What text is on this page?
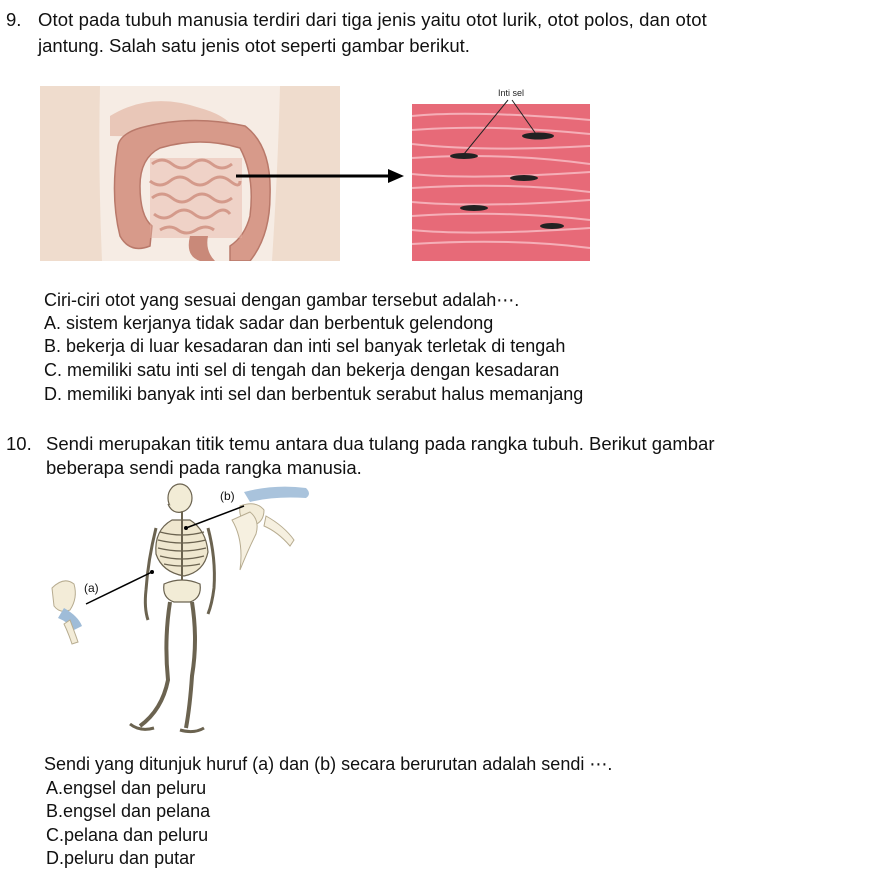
9. Otot pada tubuh manusia terdiri dari tiga jenis yaitu otot lurik, otot polos, dan otot
jantung. Salah satu jenis otot seperti gambar berikut.
Inti sel
Ciri-ciri otot yang sesuai dengan gambar tersebut adalah⋯.
A. sistem kerjanya tidak sadar dan berbentuk gelendong
B. bekerja di luar kesadaran dan inti sel banyak terletak di tengah
C. memiliki satu inti sel di tengah dan bekerja dengan kesadaran
D. memiliki banyak inti sel dan berbentuk serabut halus memanjang
10. Sendi merupakan titik temu antara dua tulang pada rangka tubuh. Berikut gambar
beberapa sendi pada rangka manusia.
(b)
(a)
Sendi yang ditunjuk huruf (a) dan (b) secara berurutan adalah sendi ⋯.
A.engsel dan peluru
B.engsel dan pelana
C.pelana dan peluru
D.peluru dan putar
